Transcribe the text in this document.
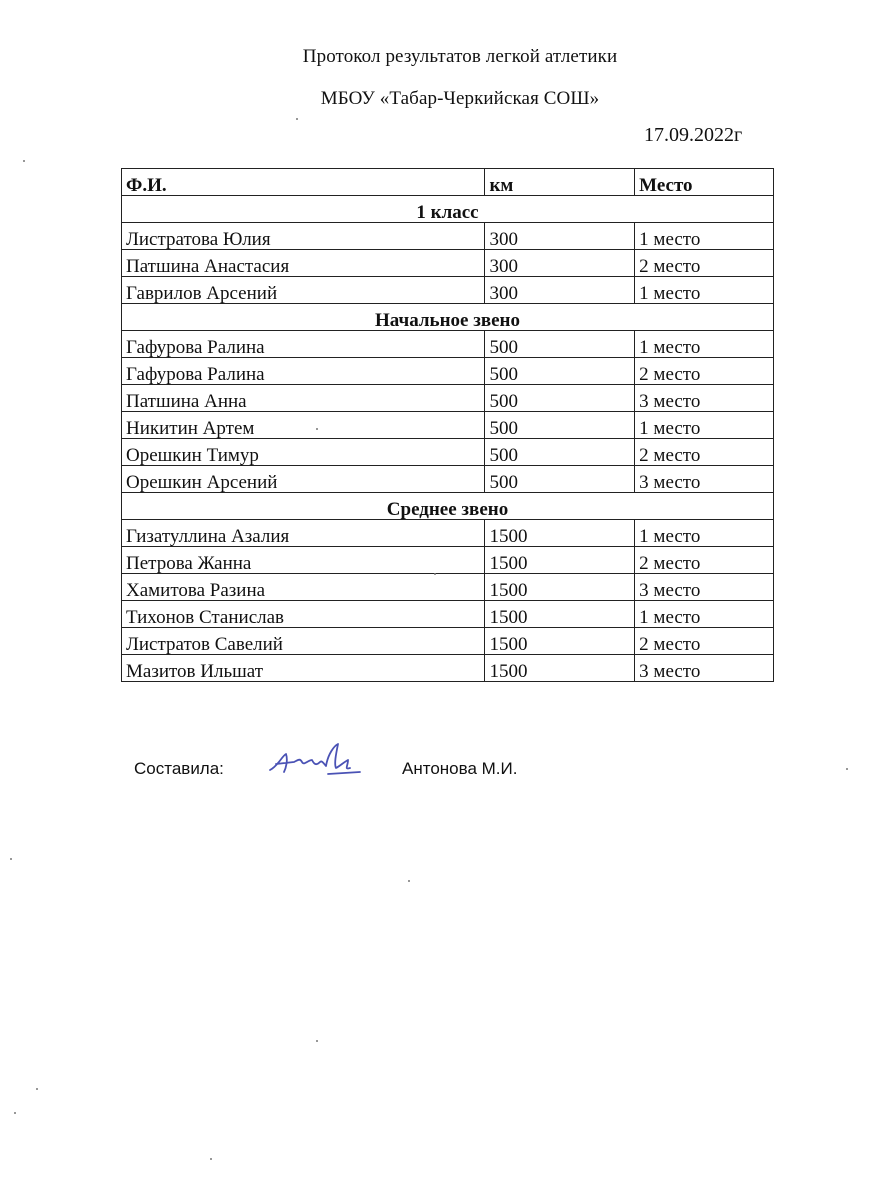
Протокол результатов легкой атлетики
МБОУ «Табар-Черкийская СОШ»
17.09.2022г
Ф.И.	км	Место
1 класс		
Листратова Юлия	300	1 место
Патшина Анастасия	300	2 место
Гаврилов Арсений	300	1 место
Начальное звено		
Гафурова Ралина	500	1 место
Гафурова Ралина	500	2 место
Патшина Анна	500	3 место
Никитин Артем	500	1 место
Орешкин Тимур	500	2 место
Орешкин Арсений	500	3 место
Среднее звено		
Гизатуллина Азалия	1500	1 место
Петрова Жанна	1500	2 место
Хамитова Разина	1500	3 место
Тихонов Станислав	1500	1 место
Листратов Савелий	1500	2 место
Мазитов Ильшат	1500	3 место
Составила:	Антонова М.И.
